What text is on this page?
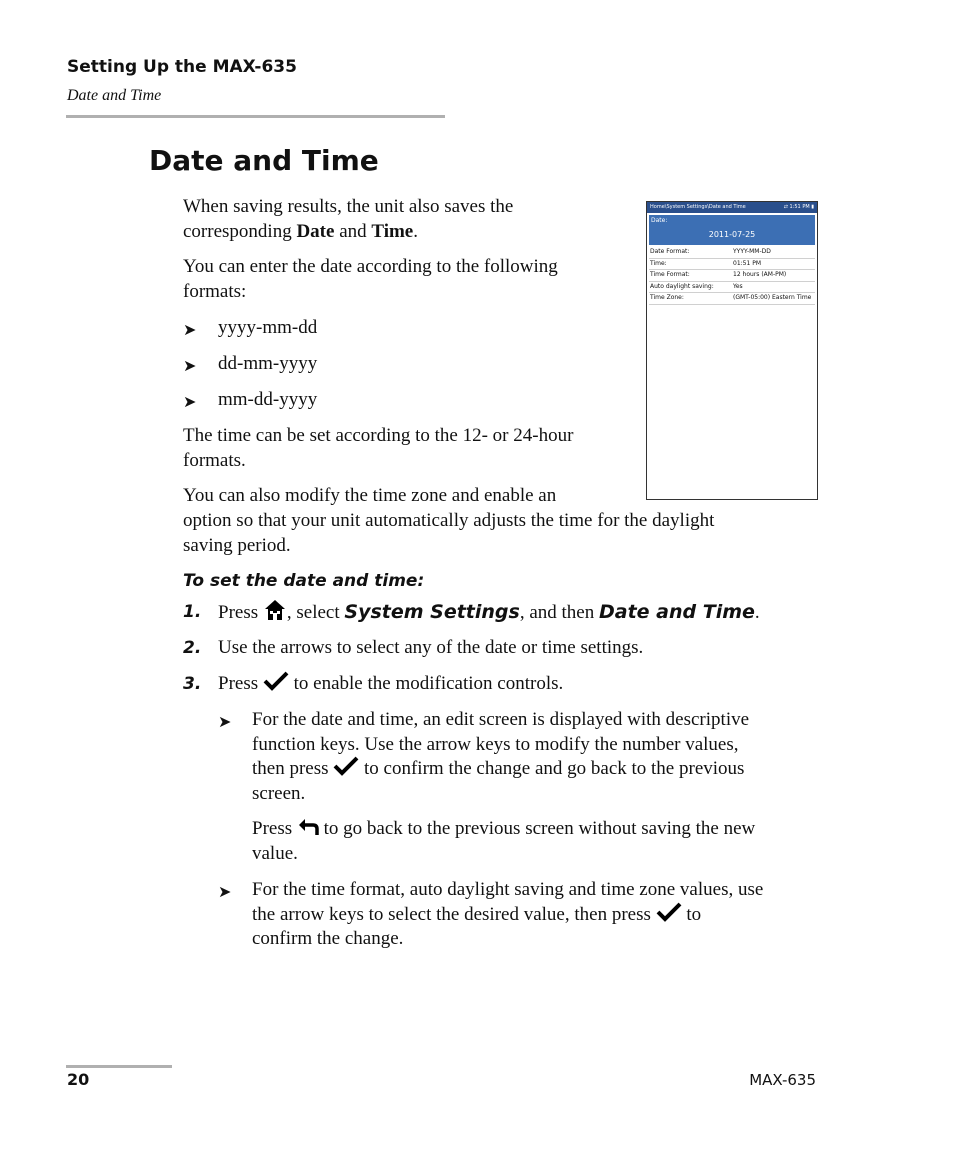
Setting Up the MAX-635
Date and Time
Date and Time
When saving results, the unit also saves the corresponding Date and Time.
You can enter the date according to the following formats:
➤ yyyy-mm-dd
➤ dd-mm-yyyy
➤ mm-dd-yyyy
The time can be set according to the 12- or 24-hour formats.
You can also modify the time zone and enable an
option so that your unit automatically adjusts the time for the daylight
saving period.
Home\System Settings\Date and Time	⇄ 1:51 PM ▮
Date:
2011-07-25
Date Format:	YYYY-MM-DD
Time:	01:51 PM
Time Format:	12 hours (AM-PM)
Auto daylight saving:	Yes
Time Zone:	(GMT-05:00) Eastern Time
To set the date and time:
1. Press , select System Settings, and then Date and Time.
2. Use the arrows to select any of the date or time settings.
3. Press to enable the modification controls.
➤ For the date and time, an edit screen is displayed with descriptive
function keys. Use the arrow keys to modify the number values,
then press to confirm the change and go back to the previous
screen.
Press to go back to the previous screen without saving the new
value.
➤ For the time format, auto daylight saving and time zone values, use
the arrow keys to select the desired value, then press to
confirm the change.
20	MAX-635
